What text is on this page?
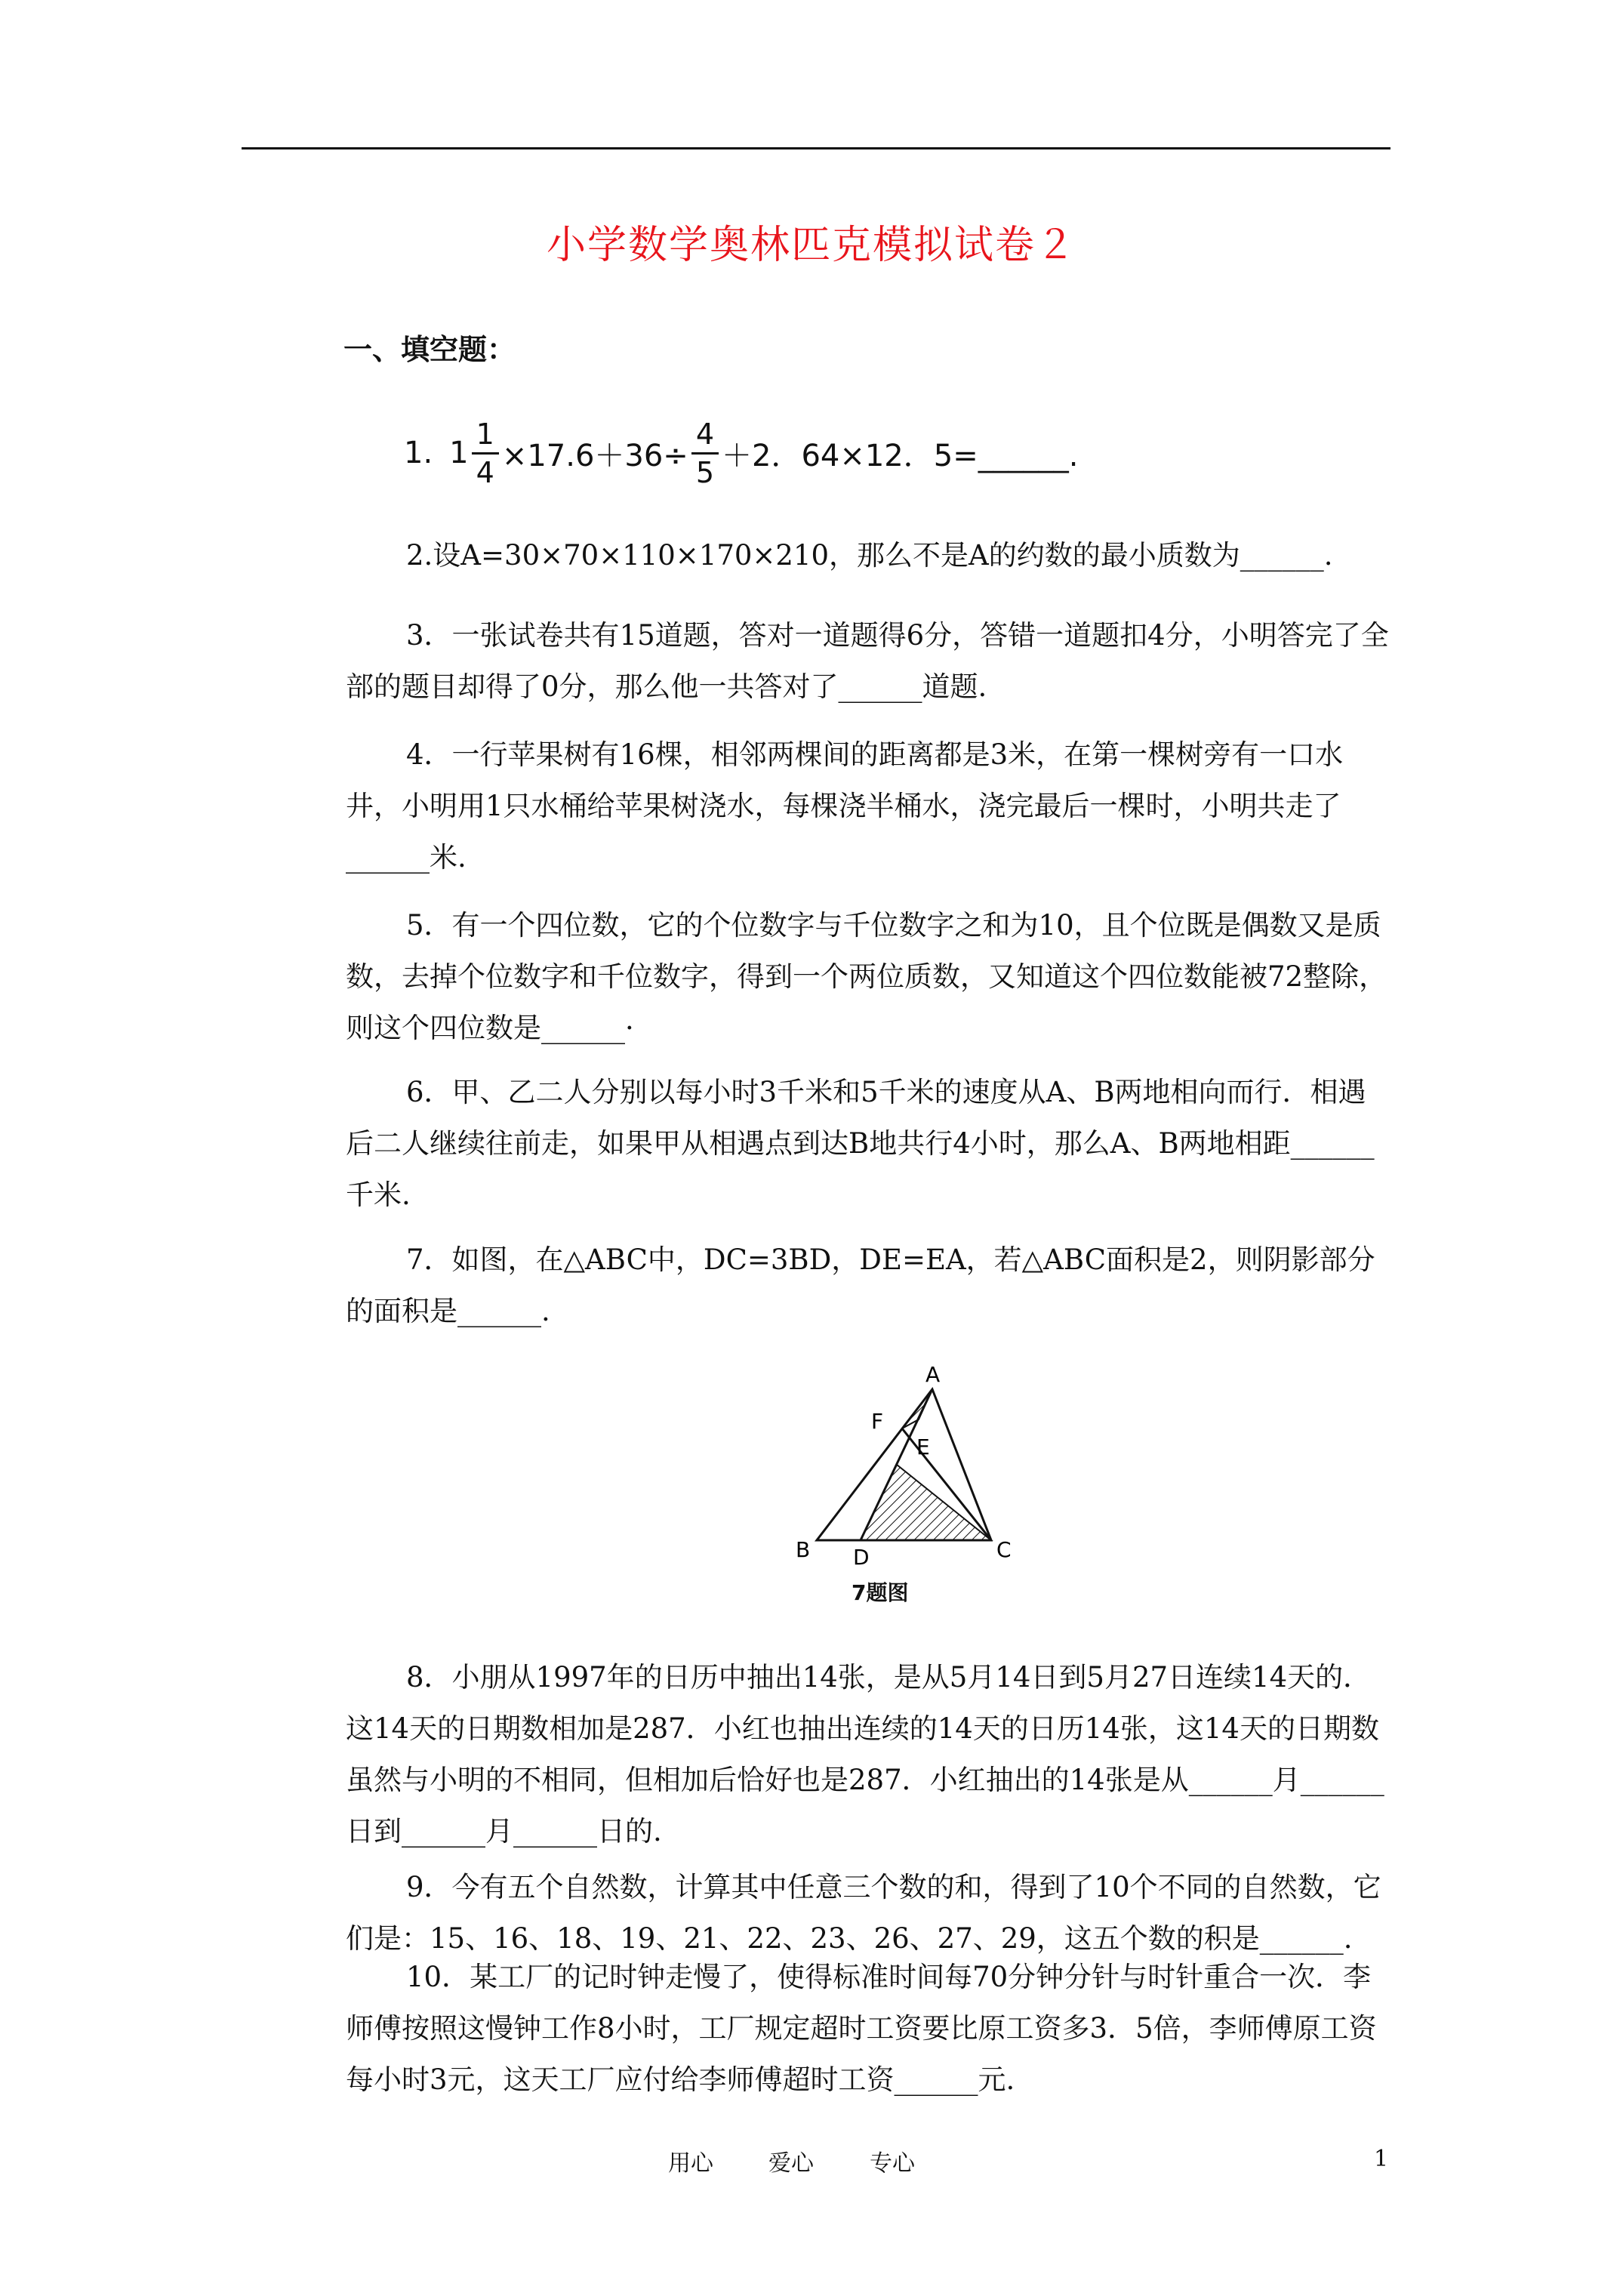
小学数学奥林匹克模拟试卷２
一、填空题：
1.
$1 \frac{1}{4} \times 17.6+36\div \frac{4}{5} +2$．64×12．5=______.

2.设A=30×70×110×170×210，那么不是A的约数的最小质数为______.

3．一张试卷共有15道题，答对一道题得6分，答错一道题扣4分，小明答完了全部的题目却得了0分，那么他一共答对了______道题.

4．一行苹果树有16棵，相邻两棵间的距离都是3米，在第一棵树旁有一口水井，小明用1只水桶给苹果树浇水，每棵浇半桶水，浇完最后一棵时，小明共走了______米.

5．有一个四位数，它的个位数字与千位数字之和为10，且个位既是偶数又是质数，去掉个位数字和千位数字，得到一个两位质数，又知道这个四位数能被72整除，则这个四位数是______·

6．甲、乙二人分别以每小时3千米和5千米的速度从A、B两地相向而行．相遇后二人继续往前走，如果甲从相遇点到达B地共行4小时，那么A、B两地相距______千米.

7．如图，在△ABC中，DC=3BD，DE=EA，若△ABC面积是2，则阴影部分的面积是______.

A
B	C
D
E
F
7题图

8．小朋从1997年的日历中抽出14张，是从5月14日到5月27日连续14天的．这14天的日期数相加是287．小红也抽出连续的14天的日历14张，这14天的日期数虽然与小明的不相同，但相加后恰好也是287．小红抽出的14张是从______月______日到______月______日的.

9．今有五个自然数，计算其中任意三个数的和，得到了10个不同的自然数，它们是：15、16、18、19、21、22、23、26、27、29，这五个数的积是______.

10．某工厂的记时钟走慢了，使得标准时间每70分钟分针与时针重合一次．李师傅按照这慢钟工作8小时，工厂规定超时工资要比原工资多3．5倍，李师傅原工资每小时3元，这天工厂应付给李师傅超时工资______元.

用心 爱心 专心	1
